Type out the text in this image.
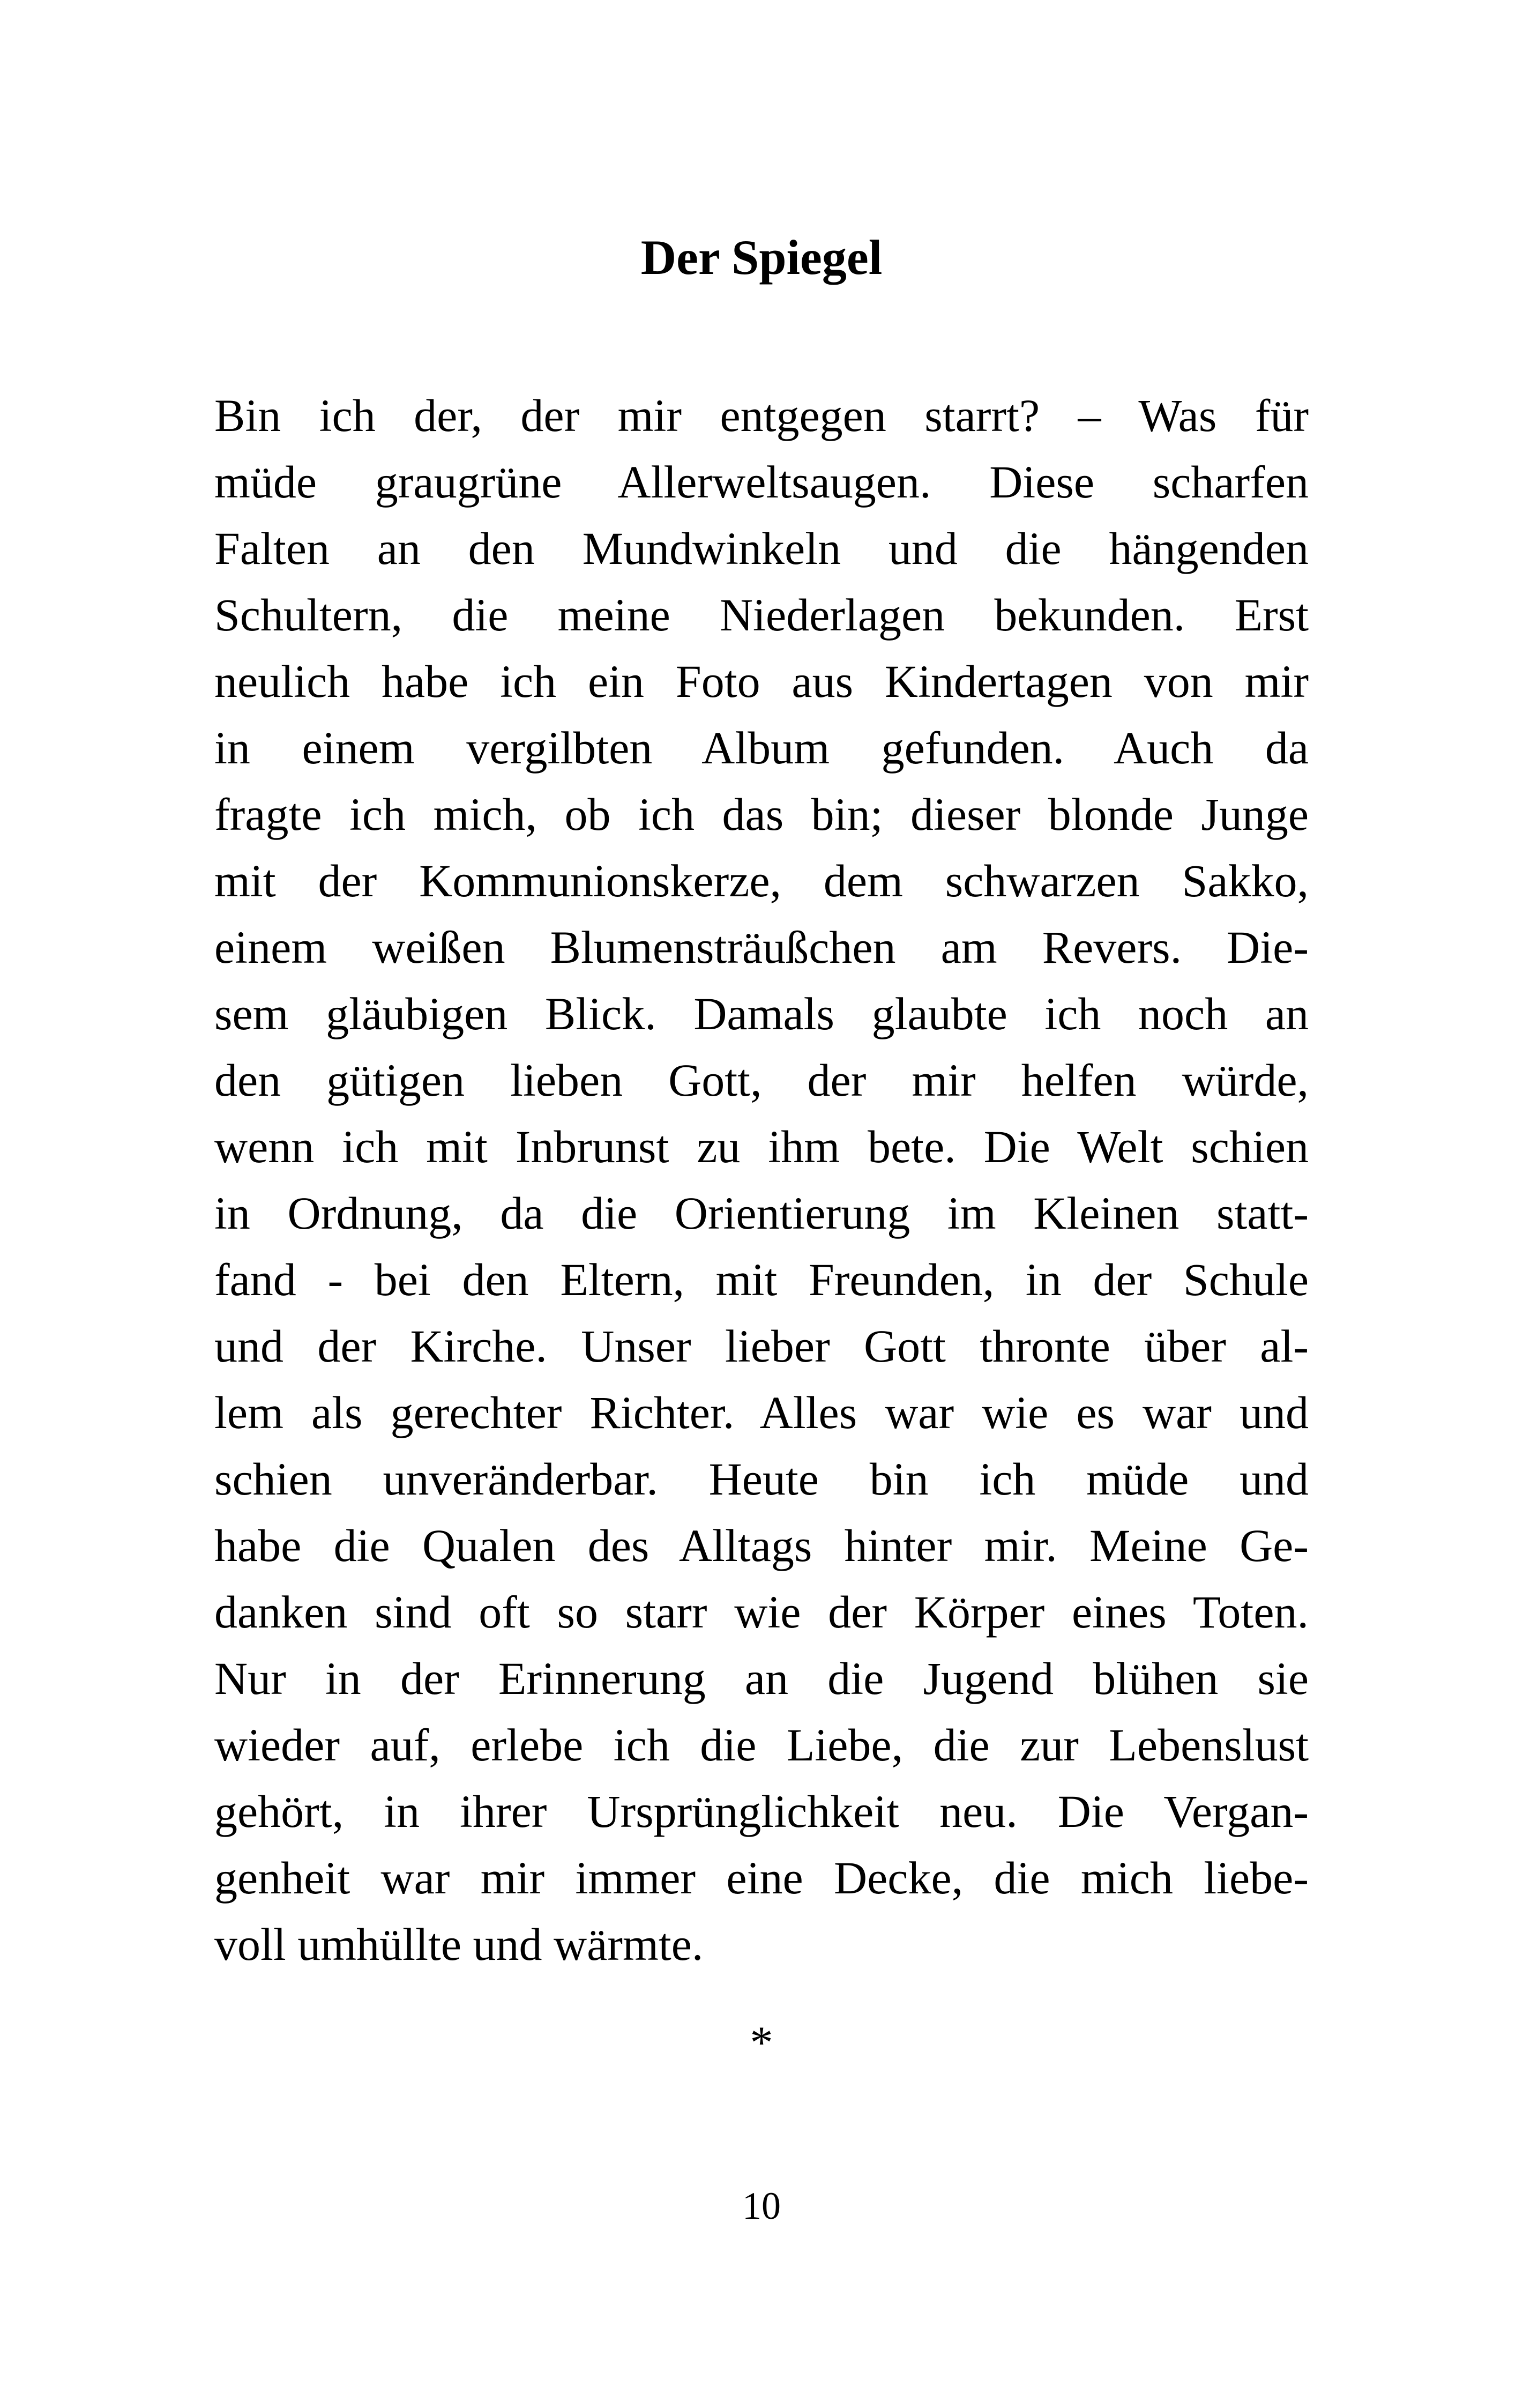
Der Spiegel
Bin ich der, der mir entgegen starrt? – Was für
müde graugrüne Allerweltsaugen. Diese scharfen
Falten an den Mundwinkeln und die hängenden
Schultern, die meine Niederlagen bekunden. Erst
neulich habe ich ein Foto aus Kindertagen von mir
in einem vergilbten Album gefunden. Auch da
fragte ich mich, ob ich das bin; dieser blonde Junge
mit der Kommunionskerze, dem schwarzen Sakko,
einem weißen Blumensträußchen am Revers. Die-
sem gläubigen Blick. Damals glaubte ich noch an
den gütigen lieben Gott, der mir helfen würde,
wenn ich mit Inbrunst zu ihm bete. Die Welt schien
in Ordnung, da die Orientierung im Kleinen statt-
fand - bei den Eltern, mit Freunden, in der Schule
und der Kirche. Unser lieber Gott thronte über al-
lem als gerechter Richter. Alles war wie es war und
schien unveränderbar. Heute bin ich müde und
habe die Qualen des Alltags hinter mir. Meine Ge-
danken sind oft so starr wie der Körper eines Toten.
Nur in der Erinnerung an die Jugend blühen sie
wieder auf, erlebe ich die Liebe, die zur Lebenslust
gehört, in ihrer Ursprünglichkeit neu. Die Vergan-
genheit war mir immer eine Decke, die mich liebe-
voll umhüllte und wärmte.
*
10
